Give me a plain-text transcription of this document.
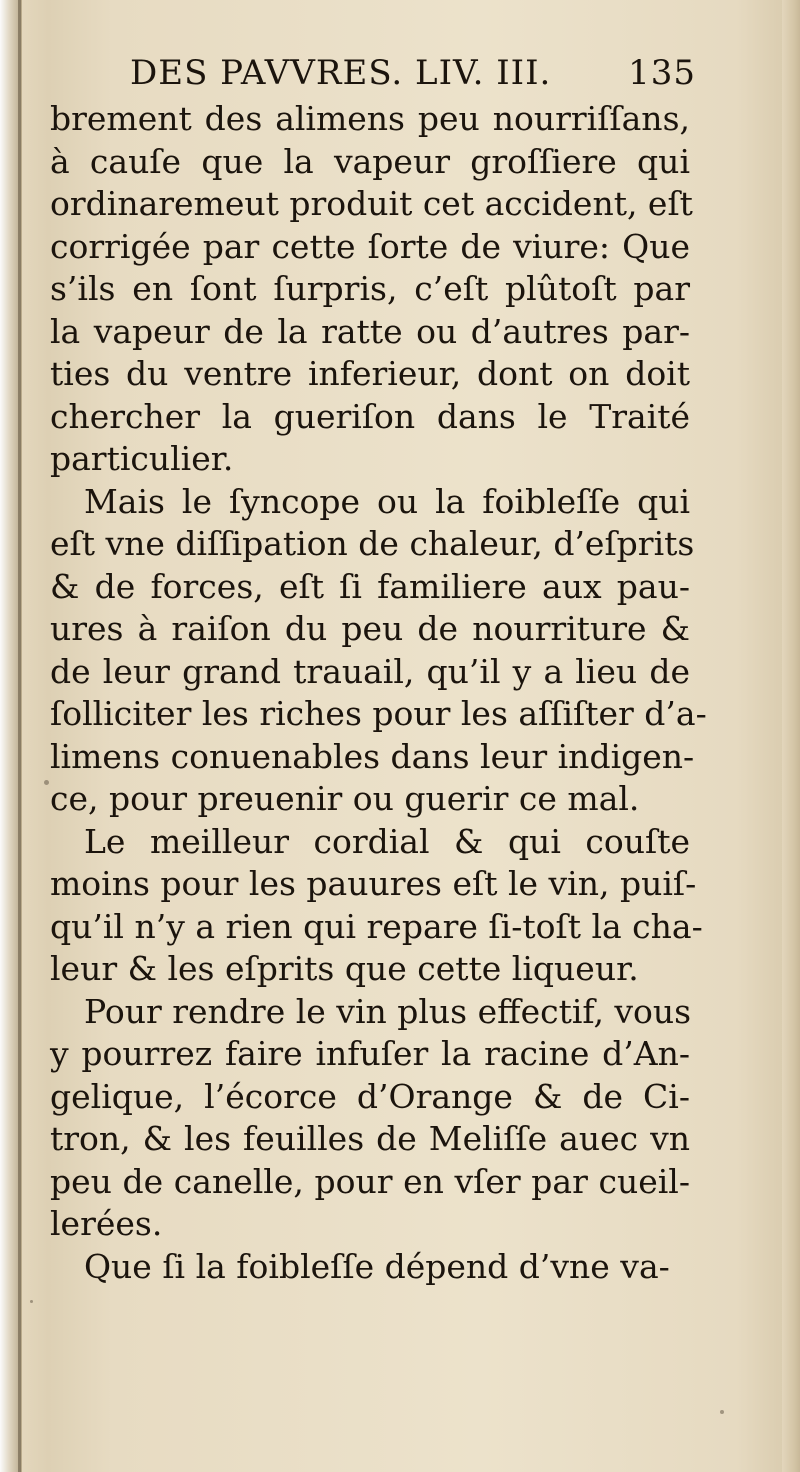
DES PAVVRES. LIV. III. 135
brement des alimens peu nourriſſans,
à cauſe que la vapeur groſſiere qui
ordinaremeut produit cet accident, eſt
corrigée par cette ſorte de viure: Que
s’ils en ſont ſurpris, c’eſt plûtoſt par
la vapeur de la ratte ou d’autres par-
ties du ventre inferieur, dont on doit
chercher la gueriſon dans le Traité
particulier.
Mais le ſyncope ou la foibleſſe qui
eſt vne diſſipation de chaleur, d’eſprits
& de forces, eſt ſi familiere aux pau-
ures à raiſon du peu de nourriture &
de leur grand trauail, qu’il y a lieu de
ſolliciter les riches pour les aſſiſter d’a-
limens conuenables dans leur indigen-
ce, pour preuenir ou guerir ce mal.
Le meilleur cordial & qui couſte
moins pour les pauures eſt le vin, puiſ-
qu’il n’y a rien qui repare ſi-toſt la cha-
leur & les eſprits que cette liqueur.
Pour rendre le vin plus effectif, vous
y pourrez faire infuſer la racine d’An-
gelique, l’écorce d’Orange & de Ci-
tron, & les feuilles de Meliſſe auec vn
peu de canelle, pour en vſer par cueil-
lerées.
Que ſi la foibleſſe dépend d’vne va-
